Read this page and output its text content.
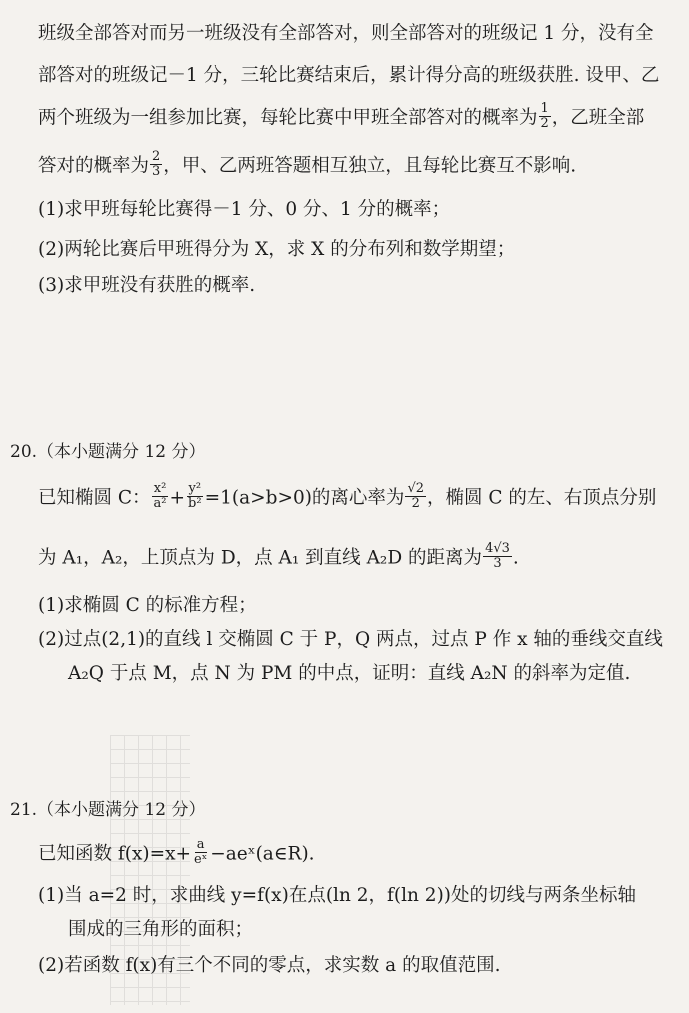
班级全部答对而另一班级没有全部答对，则全部答对的班级记 1 分，没有全
部答对的班级记－1 分，三轮比赛结束后，累计得分高的班级获胜. 设甲、乙
两个班级为一组参加比赛，每轮比赛中甲班全部答对的概率为 $\frac{1}{2}$ ，乙班全部
答对的概率为 $\frac{2}{3}$ ，甲、乙两班答题相互独立，且每轮比赛互不影响.
(1)求甲班每轮比赛得－1 分、0 分、1 分的概率；
(2)两轮比赛后甲班得分为 X，求 X 的分布列和数学期望；
(3)求甲班没有获胜的概率.
20.（本小题满分 12 分）
已知椭圆 C： $\frac{\text{x²}}{\text{a²}} + \frac{\text{y²}}{\text{b²}} =1(a>b>0)$的离心率为 $\frac{√2}{2}$ ，椭圆 C 的左、右顶点分别
为 A₁，A₂，上顶点为 D，点 A₁ 到直线 A₂D 的距离为 $\frac{4√3}{3}$ .
(1)求椭圆 C 的标准方程；
(2)过点(2,1)的直线 l 交椭圆 C 于 P，Q 两点，过点 P 作 x 轴的垂线交直线
A₂Q 于点 M，点 N 为 PM 的中点，证明：直线 A₂N 的斜率为定值.
21.（本小题满分 12 分）
已知函数 $f(x)=x+ \frac{a}{\text{eˣ}}$ −aeˣ(a∈R).
(1)当 a=2 时，求曲线 y=f(x)在点(ln 2，f(ln 2))处的切线与两条坐标轴
围成的三角形的面积；
(2)若函数 f(x)有三个不同的零点，求实数 a 的取值范围.
